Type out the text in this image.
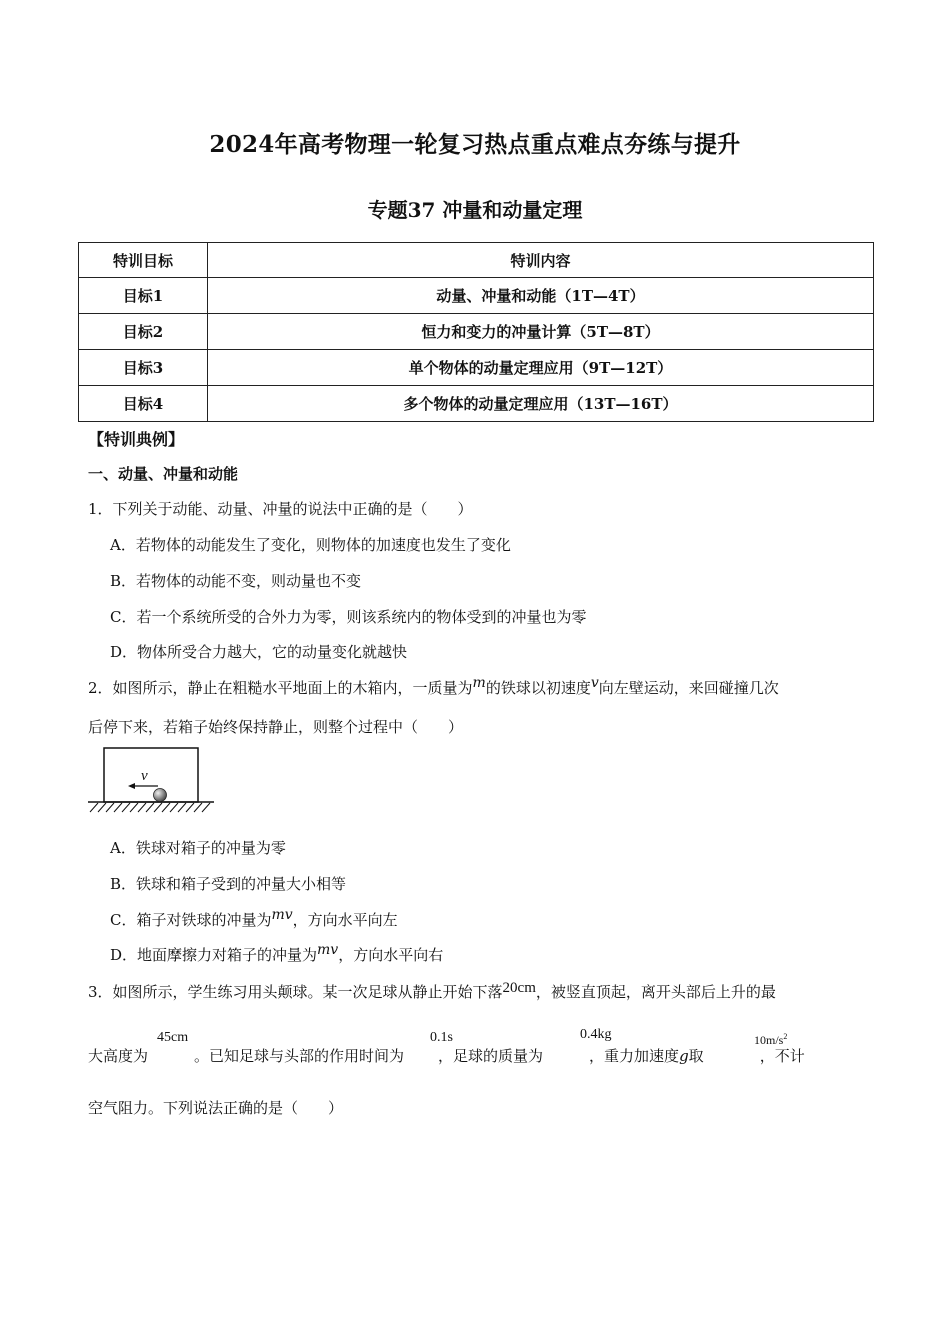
2024年高考物理一轮复习热点重点难点夯练与提升
专题37 冲量和动量定理
特训目标	特训内容
目标1	动量、冲量和动能（1T—4T）
目标2	恒力和变力的冲量计算（5T—8T）
目标3	单个物体的动量定理应用（9T—12T）
目标4	多个物体的动量定理应用（13T—16T）
【特训典例】
一、动量、冲量和动能
1．下列关于动能、动量、冲量的说法中正确的是（　　）
A．若物体的动能发生了变化，则物体的加速度也发生了变化
B．若物体的动能不变，则动量也不变
C．若一个系统所受的合外力为零，则该系统内的物体受到的冲量也为零
D．物体所受合力越大，它的动量变化就越快
2．如图所示，静止在粗糙水平地面上的木箱内，一质量为m的铁球以初速度v向左壁运动，来回碰撞几次
后停下来，若箱子始终保持静止，则整个过程中（　　）
v
A．铁球对箱子的冲量为零
B．铁球和箱子受到的冲量大小相等
C．箱子对铁球的冲量为mv，方向水平向左
D．地面摩擦力对箱子的冲量为mv，方向水平向右
3．如图所示，学生练习用头颠球。某一次足球从静止开始下落20cm，被竖直顶起，离开头部后上升的最
大高度为	。已知足球与头部的作用时间为 ，足球的质量为	，重力加速度g取	，不计
45cm	0.1s	0.4kg	$10m/s^2$
空气阻力。下列说法正确的是（　　）
